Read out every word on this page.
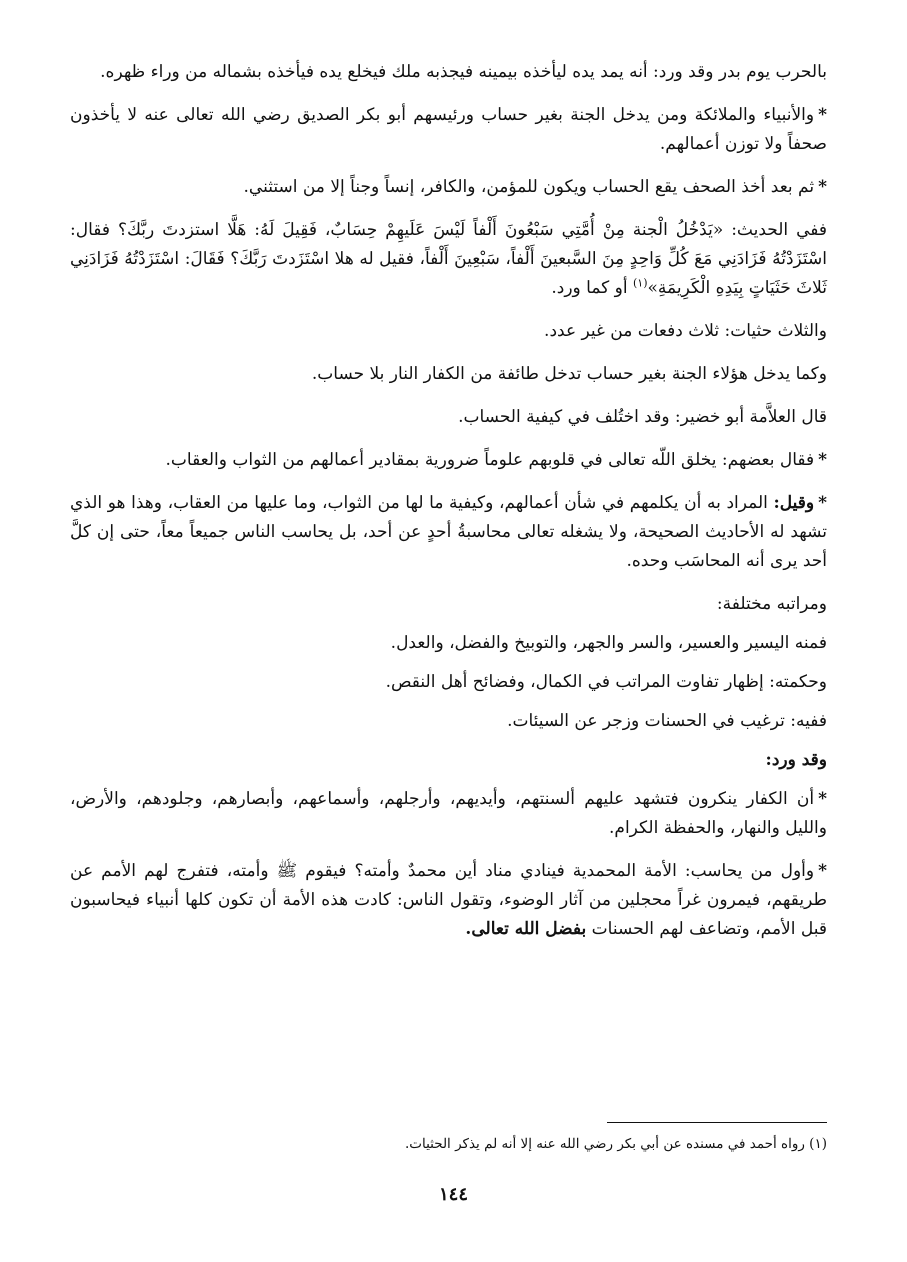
بالحرب يوم بدر وقد ورد: أنه يمد يده ليأخذه بيمينه فيجذبه ملك فيخلع يده فيأخذه بشماله من وراء ظهره.

*والأنبياء والملائكة ومن يدخل الجنة بغير حساب ورئيسهم أبو بكر الصديق رضي الله تعالى عنه لا يأخذون صحفاً ولا توزن أعمالهم.

*ثم بعد أخذ الصحف يقع الحساب ويكون للمؤمن، والكافر، إنساً وجناً إلا من استثني.

ففي الحديث: «يَدْخُلُ الْجنة مِنْ أُمَّتِي سَبْعُونَ أَلْفاً لَيْسَ عَلَيهِمْ حِسَابٌ، فَقِيلَ لَهُ: هَلَّا استزدتَ ربَّكَ؟ فقال: اسْتَزَدْتُهُ فَزَادَنِي مَعَ كُلِّ وَاحِدٍ مِنَ السَّبعينَ أَلْفاً، سَبْعِينَ أَلْفاً، فقيل له هلا اسْتَزَدتَ رَبَّكَ؟ فَقَالَ: اسْتَزَدْتُهُ فَزَادَنِي ثَلاثَ حَثَيَاتٍ بِيَدِهِ الْكَرِيمَةِ»$^{(١)}$ أو كما ورد.

والثلاث حثيات: ثلاث دفعات من غير عدد.

وكما يدخل هؤلاء الجنة بغير حساب تدخل طائفة من الكفار النار بلا حساب.

قال العلاَّمة أبو خضير: وقد اختُلف في كيفية الحساب.

*فقال بعضهم: يخلق اللّه تعالى في قلوبهم علوماً ضرورية بمقادير أعمالهم من الثواب والعقاب.

*وقيل: المراد به أن يكلمهم في شأن أعمالهم، وكيفية ما لها من الثواب، وما عليها من العقاب، وهذا هو الذي تشهد له الأحاديث الصحيحة، ولا يشغله تعالى محاسبةُ أحدٍ عن أحد، بل يحاسب الناس جميعاً معاً، حتى إن كلَّ أحد يرى أنه المحاسَب وحده.

ومراتبه مختلفة:

فمنه اليسير والعسير، والسر والجهر، والتوبيخ والفضل، والعدل.

وحكمته: إظهار تفاوت المراتب في الكمال، وفضائح أهل النقص.

ففيه: ترغيب في الحسنات وزجر عن السيئات.

وقد ورد:

*أن الكفار ينكرون فتشهد عليهم ألسنتهم، وأيديهم، وأرجلهم، وأسماعهم، وأبصارهم، وجلودهم، والأرض، والليل والنهار، والحفظة الكرام.

*وأول من يحاسب: الأمة المحمدية فينادي مناد أين محمدٌ وأمته؟ فيقوم ﷺ وأمته، فتفرج لهم الأمم عن طريقهم، فيمرون غراً محجلين من آثار الوضوء، وتقول الناس: كادت هذه الأمة أن تكون كلها أنبياء فيحاسبون قبل الأمم، وتضاعف لهم الحسنات بفضل الله تعالى.

(١) رواه أحمد في مسنده عن أبي بكر رضي الله عنه إلا أنه لم يذكر الحثيات.
١٤٤
